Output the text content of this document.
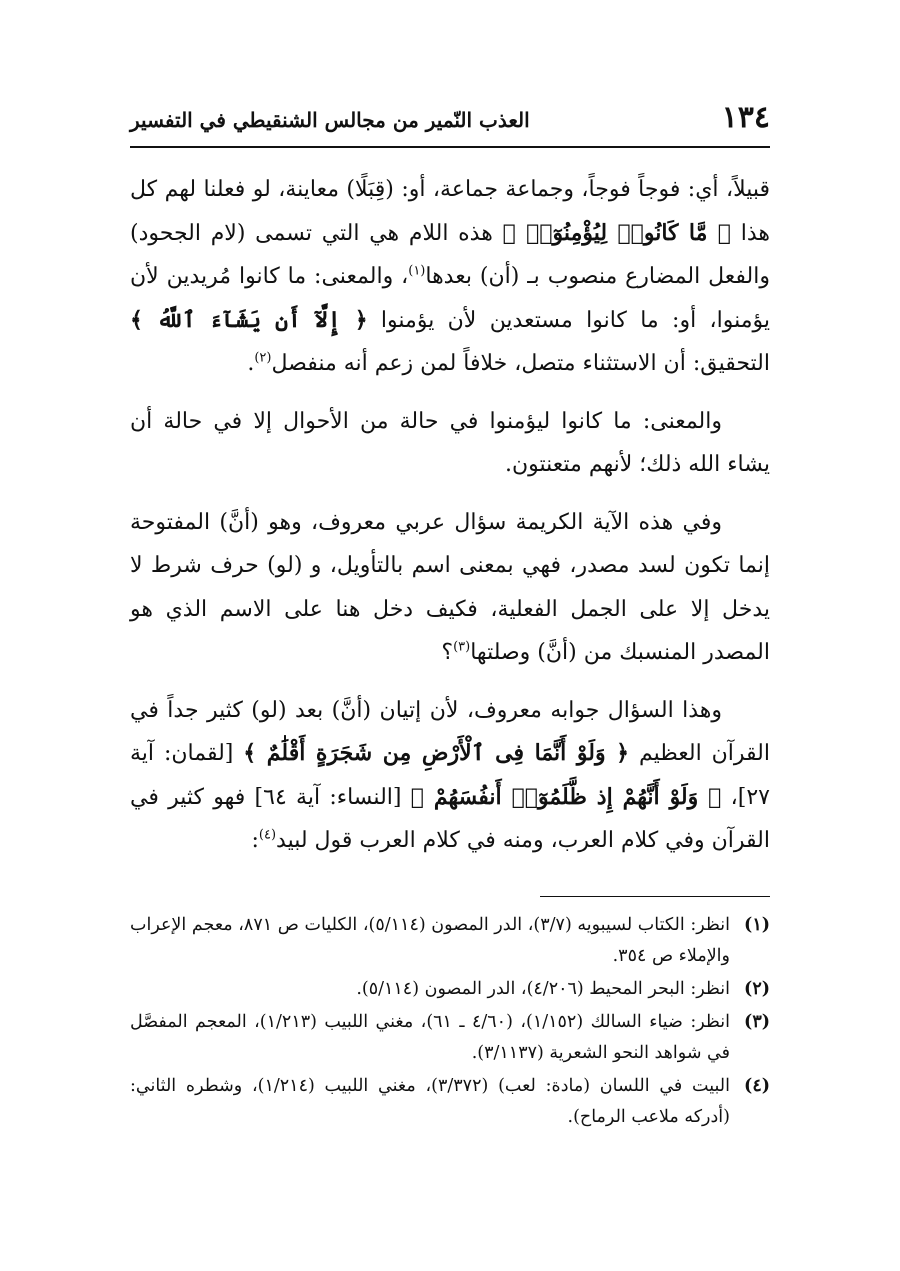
١٣٤
العذب النّمير من مجالس الشنقيطي في التفسير

قبيلاً، أي: فوجاً فوجاً، وجماعة جماعة، أو: (قِبَلًا) معاينة، لو فعلنا لهم كل هذا ﴿ مَّا كَانُوا۟ لِيُؤْمِنُوٓا۟ ﴾ هذه اللام هي التي تسمى (لام الجحود) والفعل المضارع منصوب بـ (أن) بعدها$^{(١)}$، والمعنى: ما كانوا مُريدين لأن يؤمنوا، أو: ما كانوا مستعدين لأن يؤمنوا ﴿ إِلَّآ أَن يَشَآءَ ٱللَّهُ ﴾ التحقيق: أن الاستثناء متصل، خلافاً لمن زعم أنه منفصل$^{(٢)}$.

والمعنى: ما كانوا ليؤمنوا في حالة من الأحوال إلا في حالة أن يشاء الله ذلك؛ لأنهم متعنتون.

وفي هذه الآية الكريمة سؤال عربي معروف، وهو (أنَّ) المفتوحة إنما تكون لسد مصدر، فهي بمعنى اسم بالتأويل، و (لو) حرف شرط لا يدخل إلا على الجمل الفعلية، فكيف دخل هنا على الاسم الذي هو المصدر المنسبك من (أنَّ) وصلتها$^{(٣)}$؟

وهذا السؤال جوابه معروف، لأن إتيان (أنَّ) بعد (لو) كثير جداً في القرآن العظيم ﴿ وَلَوْ أَنَّمَا فِى ٱلْأَرْضِ مِن شَجَرَةٍ أَقْلَٰمٌ ﴾ [لقمان: آية ٢٧]، ﴿ وَلَوْ أَنَّهُمْ إِذ ظَّلَمُوٓا۟ أَنفُسَهُمْ ﴾ [النساء: آية ٦٤] فهو كثير في القرآن وفي كلام العرب، ومنه في كلام العرب قول لبيد$^{(٤)}$:

(١)
انظر: الكتاب لسيبويه (٣/٧)، الدر المصون (٥/١١٤)، الكليات ص ٨٧١، معجم الإعراب والإملاء ص ٣٥٤.
(٢)
انظر: البحر المحيط (٤/٢٠٦)، الدر المصون (٥/١١٤).
(٣)
انظر: ضياء السالك (١/١٥٢)، (٤/٦٠ ـ ٦١)، مغني اللبيب (١/٢١٣)، المعجم المفصَّل في شواهد النحو الشعرية (٣/١١٣٧).
(٤)
البيت في اللسان (مادة: لعب) (٣/٣٧٢)، مغني اللبيب (١/٢١٤)، وشطره الثاني: (أدركه ملاعب الرماح).
